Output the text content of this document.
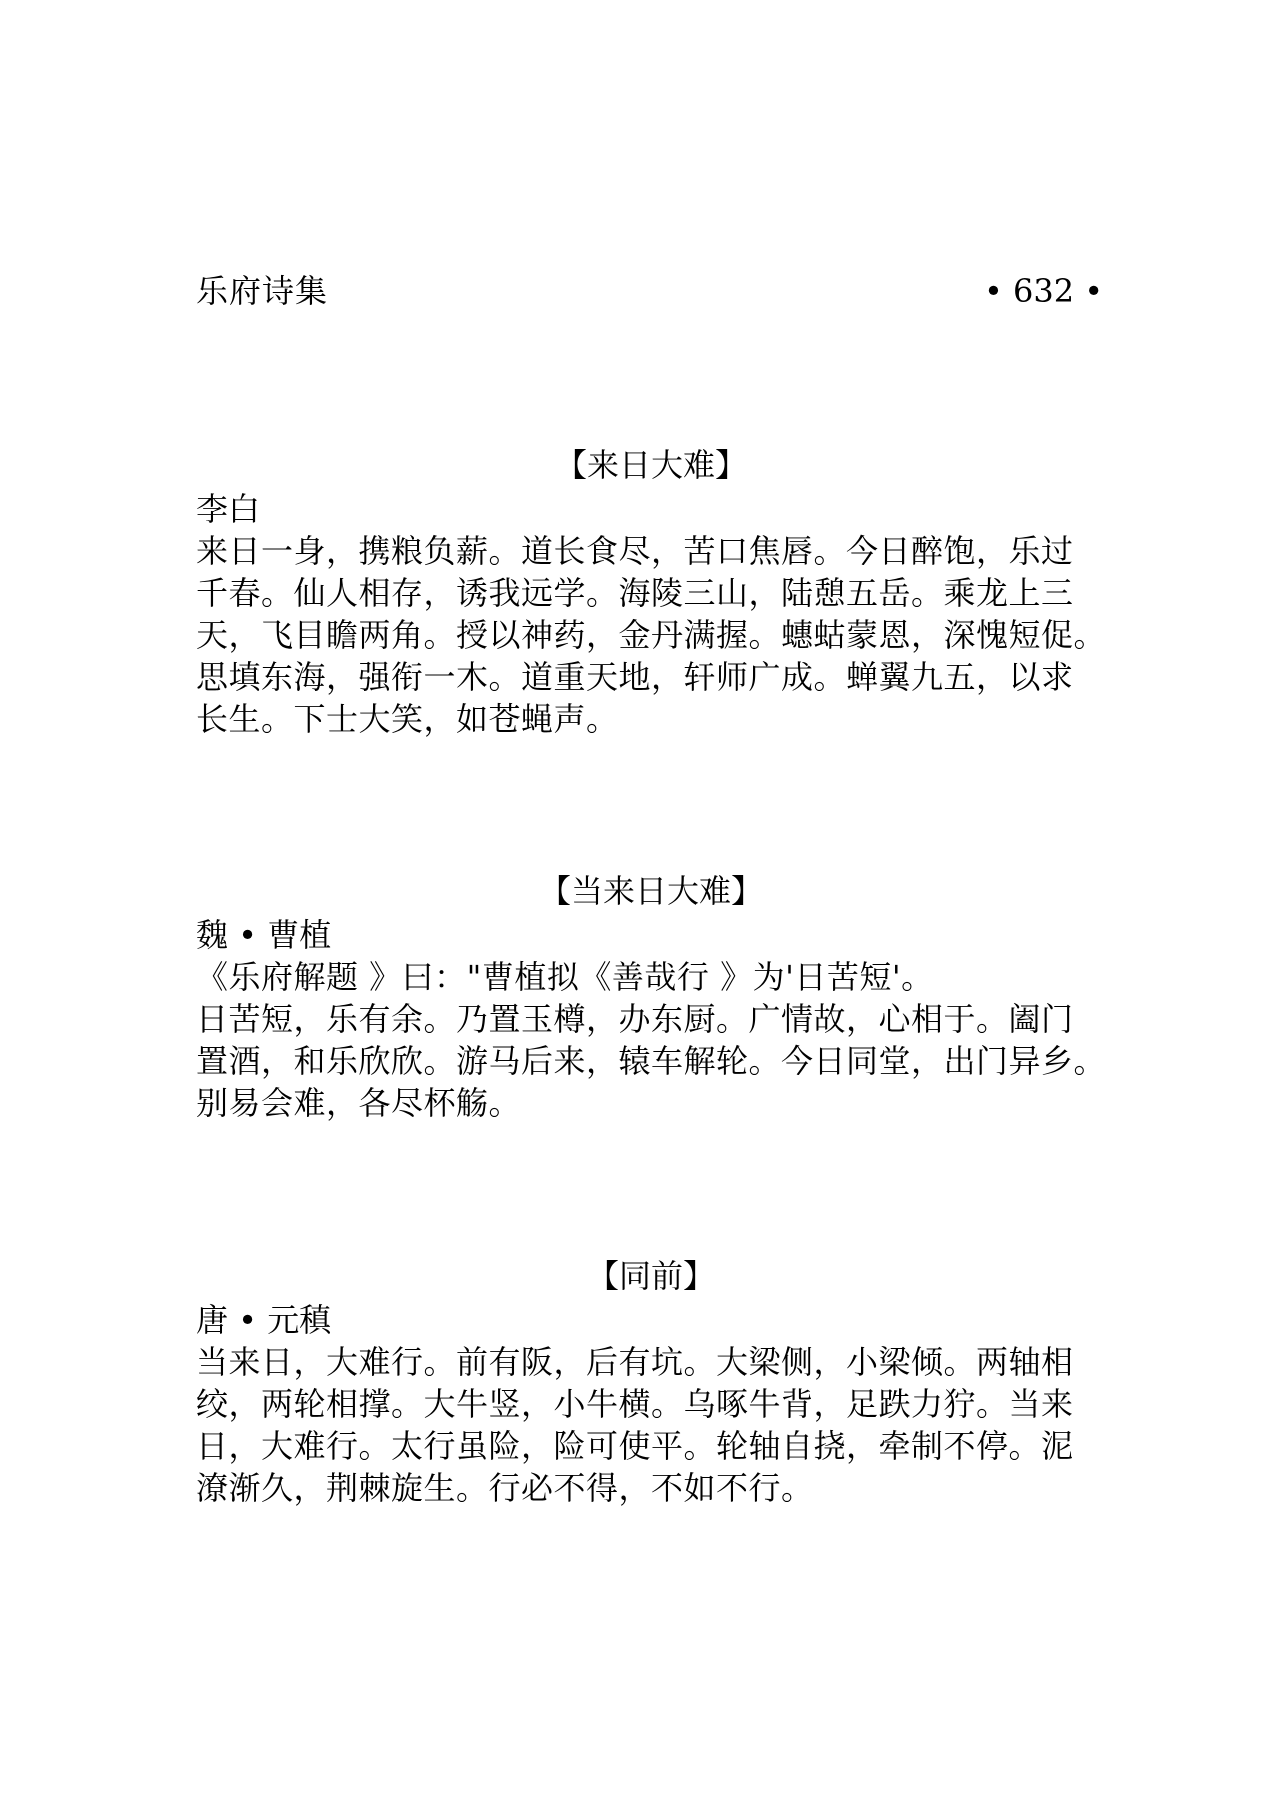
乐府诗集	• 632 •
【来日大难】
李白
来日一身，携粮负薪。道长食尽，苦口焦唇。今日醉饱，乐过
千春。仙人相存，诱我远学。海陵三山，陆憩五岳。乘龙上三
天，飞目瞻两角。授以神药，金丹满握。蟪蛄蒙恩，深愧短促。
思填东海，强衔一木。道重天地，轩师广成。蝉翼九五，以求
长生。下士大笑，如苍蝇声。
【当来日大难】
魏 • 曹植
《乐府解题 》曰："曹植拟《善哉行 》为'日苦短'。
日苦短，乐有余。乃置玉樽，办东厨。广情故，心相于。阖门
置酒，和乐欣欣。游马后来，辕车解轮。今日同堂，出门异乡。
别易会难，各尽杯觞。
【同前】
唐 • 元稹
当来日，大难行。前有阪，后有坑。大梁侧，小梁倾。两轴相
绞，两轮相撑。大牛竖，小牛横。乌啄牛背，足跌力狞。当来
日，大难行。太行虽险，险可使平。轮轴自挠，牵制不停。泥
潦渐久，荆棘旋生。行必不得，不如不行。
